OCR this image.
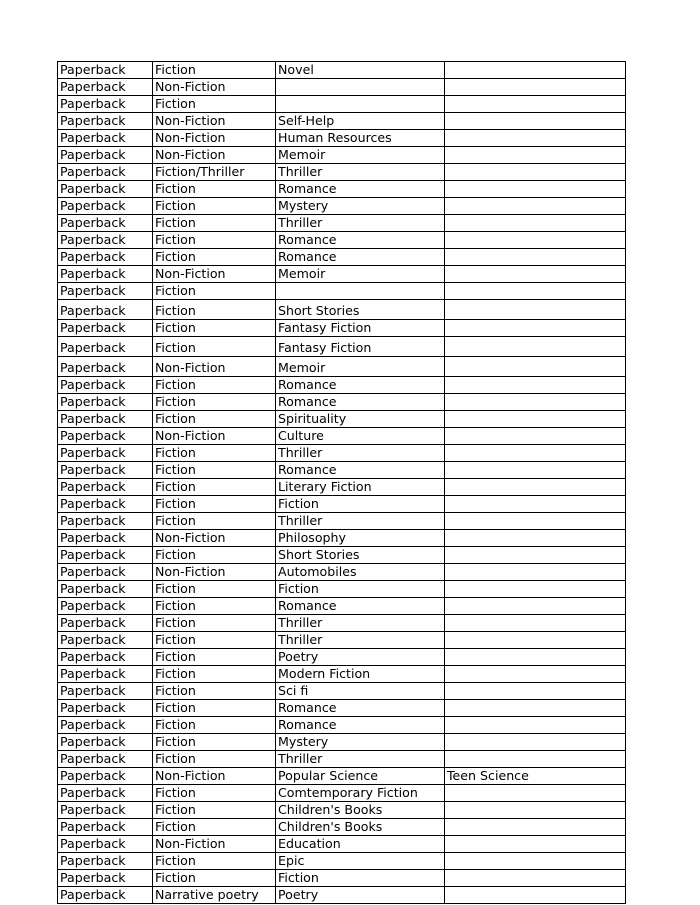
Paperback	Fiction	Novel	
Paperback	Non-Fiction		
Paperback	Fiction		
Paperback	Non-Fiction	Self-Help	
Paperback	Non-Fiction	Human Resources	
Paperback	Non-Fiction	Memoir	
Paperback	Fiction/Thriller	Thriller	
Paperback	Fiction	Romance	
Paperback	Fiction	Mystery	
Paperback	Fiction	Thriller	
Paperback	Fiction	Romance	
Paperback	Fiction	Romance	
Paperback	Non-Fiction	Memoir	
Paperback	Fiction		
Paperback	Fiction	Short Stories	
Paperback	Fiction	Fantasy Fiction	
Paperback	Fiction	Fantasy Fiction	
Paperback	Non-Fiction	Memoir	
Paperback	Fiction	Romance	
Paperback	Fiction	Romance	
Paperback	Fiction	Spirituality	
Paperback	Non-Fiction	Culture	
Paperback	Fiction	Thriller	
Paperback	Fiction	Romance	
Paperback	Fiction	Literary Fiction	
Paperback	Fiction	Fiction	
Paperback	Fiction	Thriller	
Paperback	Non-Fiction	Philosophy	
Paperback	Fiction	Short Stories	
Paperback	Non-Fiction	Automobiles	
Paperback	Fiction	Fiction	
Paperback	Fiction	Romance	
Paperback	Fiction	Thriller	
Paperback	Fiction	Thriller	
Paperback	Fiction	Poetry	
Paperback	Fiction	Modern Fiction	
Paperback	Fiction	Sci fi	
Paperback	Fiction	Romance	
Paperback	Fiction	Romance	
Paperback	Fiction	Mystery	
Paperback	Fiction	Thriller	
Paperback	Non-Fiction	Popular Science	Teen Science
Paperback	Fiction	Comtemporary Fiction	
Paperback	Fiction	Children's Books	
Paperback	Fiction	Children's Books	
Paperback	Non-Fiction	Education	
Paperback	Fiction	Epic	
Paperback	Fiction	Fiction	
Paperback	Narrative poetry	Poetry	
